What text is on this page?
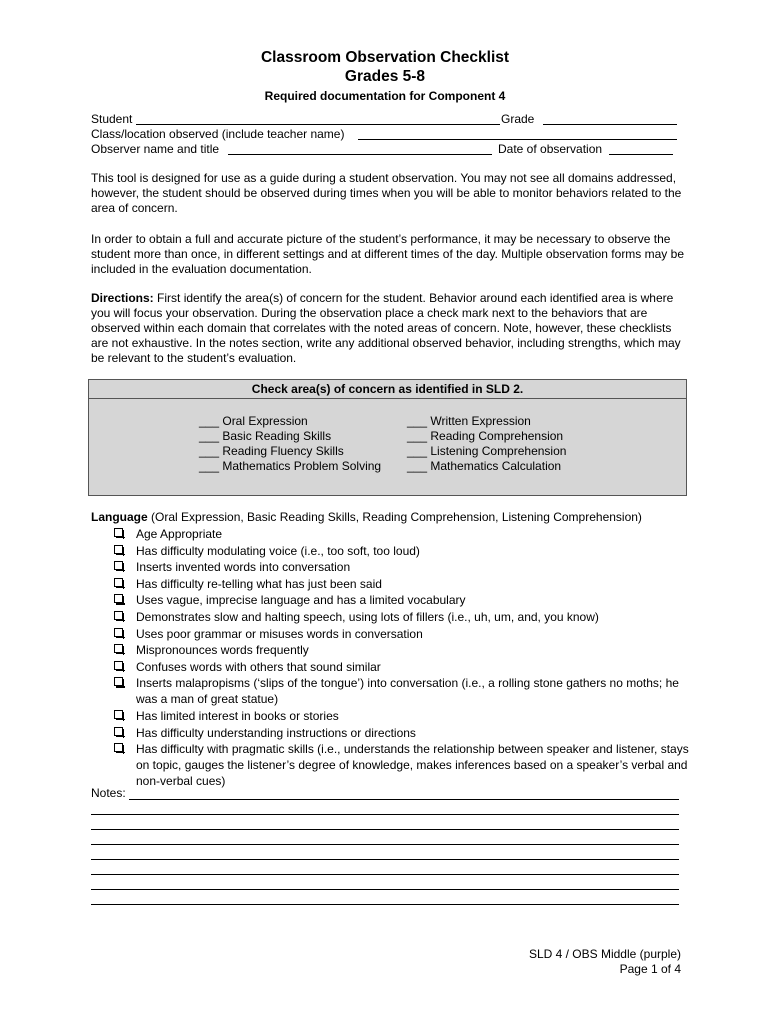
Classroom Observation Checklist
Grades 5-8
Required documentation for Component 4
Student	Grade
Class/location observed (include teacher name)
Observer name and title	Date of observation
This tool is designed for use as a guide during a student observation. You may not see all domains addressed, however, the student should be observed during times when you will be able to monitor behaviors related to the area of concern.
In order to obtain a full and accurate picture of the student’s performance, it may be necessary to observe the student more than once, in different settings and at different times of the day. Multiple observation forms may be included in the evaluation documentation.
Directions: First identify the area(s) of concern for the student. Behavior around each identified area is where you will focus your observation. During the observation place a check mark next to the behaviors that are observed within each domain that correlates with the noted areas of concern. Note, however, these checklists are not exhaustive. In the notes section, write any additional observed behavior, including strengths, which may be relevant to the student’s evaluation.
Check area(s) of concern as identified in SLD 2.
___ Oral Expression
___ Basic Reading Skills
___ Reading Fluency Skills
___ Mathematics Problem Solving
___ Written Expression
___ Reading Comprehension
___ Listening Comprehension
___ Mathematics Calculation
Language (Oral Expression, Basic Reading Skills, Reading Comprehension, Listening Comprehension)
Age Appropriate
Has difficulty modulating voice (i.e., too soft, too loud)
Inserts invented words into conversation
Has difficulty re-telling what has just been said
Uses vague, imprecise language and has a limited vocabulary
Demonstrates slow and halting speech, using lots of fillers (i.e., uh, um, and, you know)
Uses poor grammar or misuses words in conversation
Mispronounces words frequently
Confuses words with others that sound similar
Inserts malapropisms (‘slips of the tongue’) into conversation (i.e., a rolling stone gathers no moths; he was a man of great statue)
Has limited interest in books or stories
Has difficulty understanding instructions or directions
Has difficulty with pragmatic skills (i.e., understands the relationship between speaker and listener, stays on topic, gauges the listener’s degree of knowledge, makes inferences based on a speaker’s verbal and non-verbal cues)
Notes:
SLD 4 / OBS Middle (purple)
Page 1 of 4
